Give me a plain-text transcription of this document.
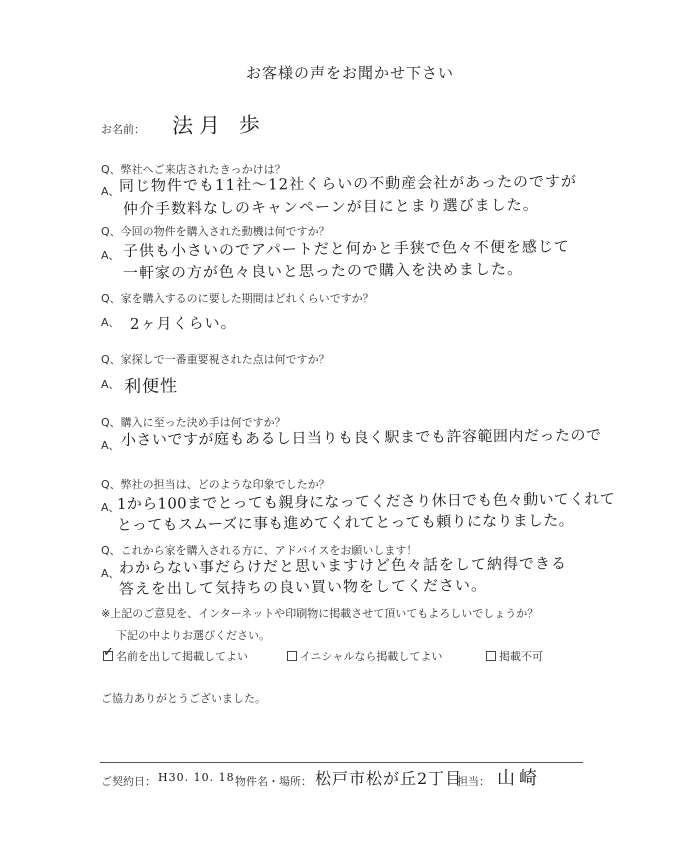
お客様の声をお聞かせ下さい
お名前： 法月 歩
Q、弊社へご来店されたきっかけは？
A、 同じ物件でも11社～12社くらいの不動産会社があったのですが
仲介手数料なしのキャンペーンが目にとまり選びました。
Q、今回の物件を購入された動機は何ですか？
A、 子供も小さいのでアパートだと何かと手狭で色々不便を感じて
一軒家の方が色々良いと思ったので購入を決めました。
Q、家を購入するのに要した期間はどれくらいですか？
A、 2ヶ月くらい。
Q、家探しで一番重要視された点は何ですか？
A、 利便性
Q、購入に至った決め手は何ですか？
A、 小さいですが庭もあるし日当りも良く駅までも許容範囲内だったので
Q、弊社の担当は、どのような印象でしたか？
A、
1から100までとっても親身になってくださり休日でも色々動いてくれて
とってもスムーズに事も進めてくれてとっても頼りになりました。
Q、これから家を購入される方に、アドバイスをお願いします！
A、 わからない事だらけだと思いますけど色々話をして納得できる
答えを出して気持ちの良い買い物をしてください。
※上記のご意見を、インターネットや印刷物に掲載させて頂いてもよろしいでしょうか？
下記の中よりお選びください。
✓ 名前を出して掲載してよい	イニシャルなら掲載してよい	掲載不可
ご協力ありがとうございました。
ご契約日： H30. 10. 18 物件名・場所： 松戸市松が丘2丁目
担当： 山崎
